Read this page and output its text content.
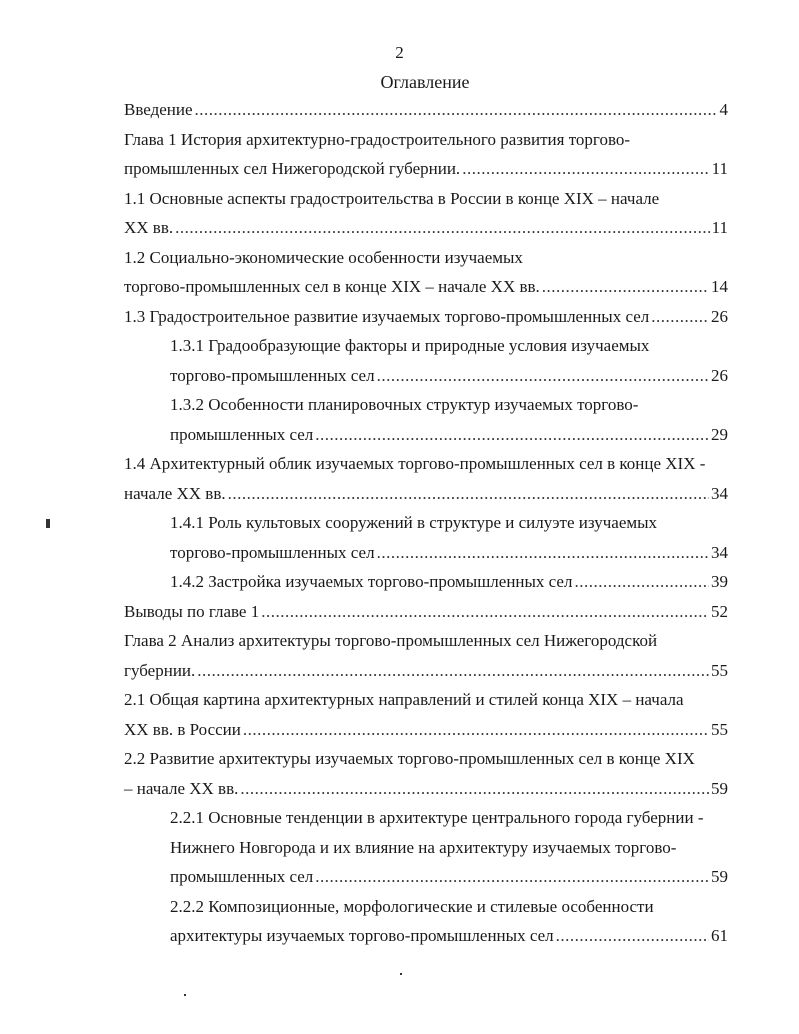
2
Оглавление
Введение .....	4
Глава 1 История архитектурно-градостроительного развития торгово-
промышленных сел Нижегородской губернии. .....	11
1.1 Основные аспекты градостроительства в России в конце XIX – начале
XX вв. .....	11
1.2 Социально-экономические особенности изучаемых
торгово-промышленных сел в конце XIX – начале XX вв. .....	14
1.3 Градостроительное развитие изучаемых торгово-промышленных сел .....	26
1.3.1 Градообразующие факторы и природные условия изучаемых
торгово-промышленных сел .....	26
1.3.2 Особенности планировочных структур изучаемых торгово-
промышленных сел .....	29
1.4 Архитектурный облик изучаемых торгово-промышленных сел в конце XIX -
начале XX вв. .....	34
1.4.1 Роль культовых сооружений в структуре и силуэте изучаемых
торгово-промышленных сел .....	34
1.4.2 Застройка изучаемых торгово-промышленных сел .....	39
Выводы по главе 1 .....	52
Глава 2 Анализ архитектуры торгово-промышленных сел Нижегородской
губернии. .....	55
2.1 Общая картина архитектурных направлений и стилей конца XIX – начала
XX вв. в России .....	55
2.2 Развитие архитектуры изучаемых торгово-промышленных сел в конце XIX
– начале XX вв. .....	59
2.2.1 Основные тенденции в архитектуре центрального города губернии -
Нижнего Новгорода и их влияние на архитектуру изучаемых торгово-
промышленных сел .....	59
2.2.2 Композиционные, морфологические и стилевые особенности
архитектуры изучаемых торгово-промышленных сел .....	61
